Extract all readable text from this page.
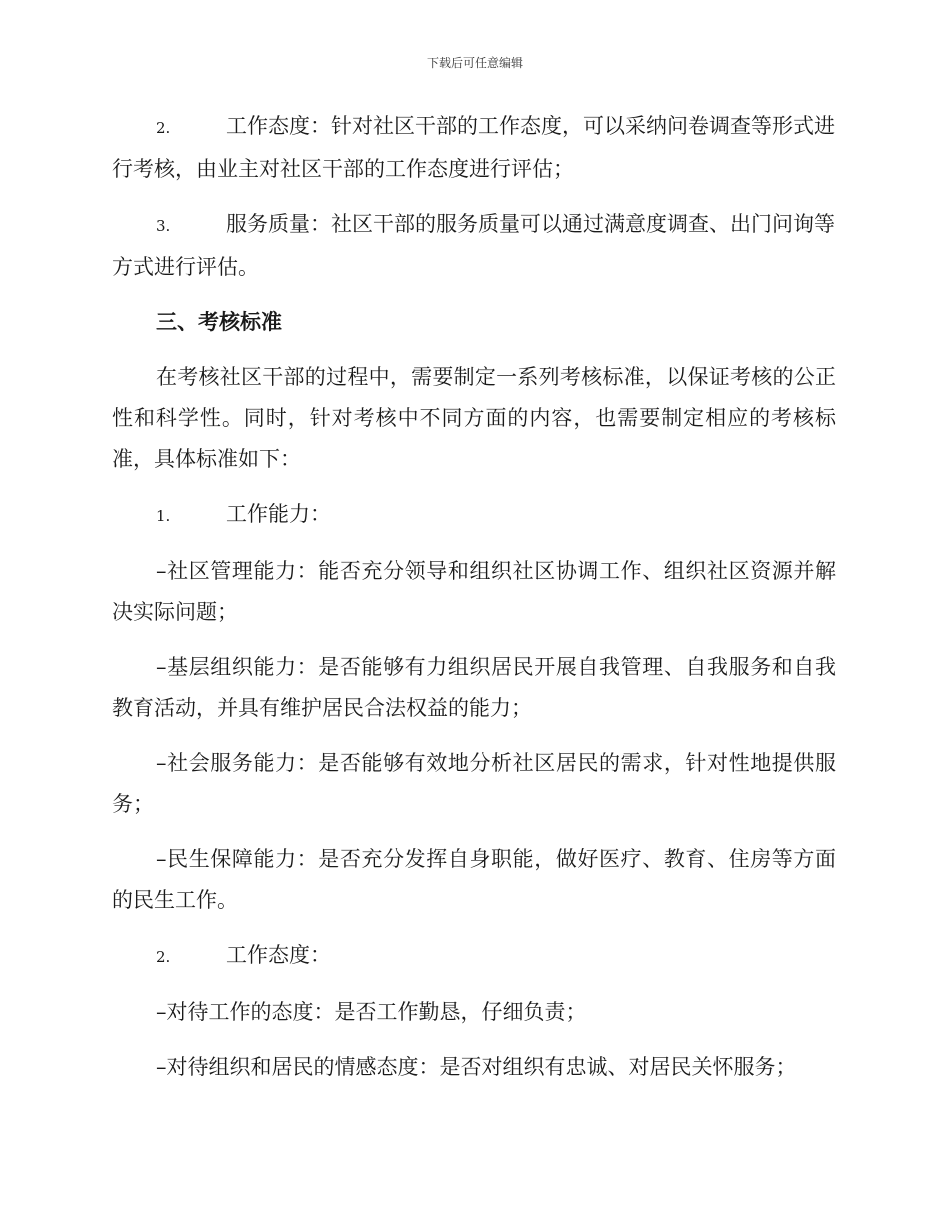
下载后可任意编辑

2.	工作态度：针对社区干部的工作态度，可以采纳问卷调查等形式进行考核，由业主对社区干部的工作态度进行评估；

3.	服务质量：社区干部的服务质量可以通过满意度调查、出门问询等方式进行评估。

三、考核标准

在考核社区干部的过程中，需要制定一系列考核标准，以保证考核的公正性和科学性。同时，针对考核中不同方面的内容，也需要制定相应的考核标准，具体标准如下：

1.	工作能力：

–社区管理能力：能否充分领导和组织社区协调工作、组织社区资源并解决实际问题；

–基层组织能力：是否能够有力组织居民开展自我管理、自我服务和自我教育活动，并具有维护居民合法权益的能力；

–社会服务能力：是否能够有效地分析社区居民的需求，针对性地提供服务；

–民生保障能力：是否充分发挥自身职能，做好医疗、教育、住房等方面的民生工作。

2.	工作态度：

–对待工作的态度：是否工作勤恳，仔细负责；

–对待组织和居民的情感态度：是否对组织有忠诚、对居民关怀服务；
